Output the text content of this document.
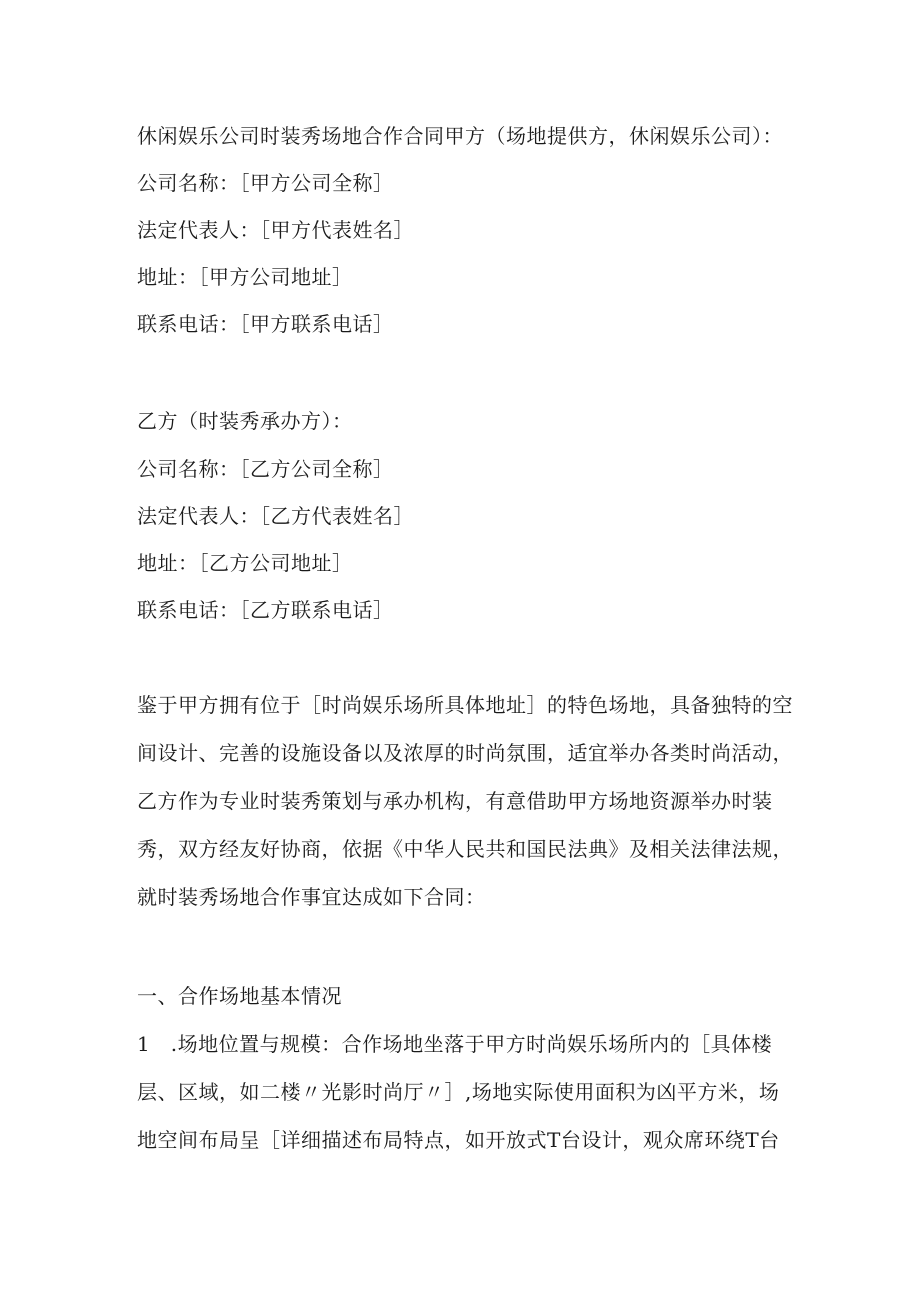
休闲娱乐公司时装秀场地合作合同甲方（场地提供方，休闲娱乐公司）：
公司名称：［甲方公司全称］
法定代表人：［甲方代表姓名］
地址：［甲方公司地址］
联系电话：［甲方联系电话］
乙方（时装秀承办方）：
公司名称：［乙方公司全称］
法定代表人：［乙方代表姓名］
地址：［乙方公司地址］
联系电话：［乙方联系电话］
鉴于甲方拥有位于［时尚娱乐场所具体地址］的特色场地，具备独特的空
间设计、完善的设施设备以及浓厚的时尚氛围，适宜举办各类时尚活动，
乙方作为专业时装秀策划与承办机构，有意借助甲方场地资源举办时装
秀，双方经友好协商，依据《中华人民共和国民法典》及相关法律法规，
就时装秀场地合作事宜达成如下合同：
一、合作场地基本情况
1　.场地位置与规模：合作场地坐落于甲方时尚娱乐场所内的［具体楼
层、区域，如二楼〃光影时尚厅〃］,场地实际使用面积为凶平方米，场
地空间布局呈［详细描述布局特点，如开放式T台设计，观众席环绕T台
